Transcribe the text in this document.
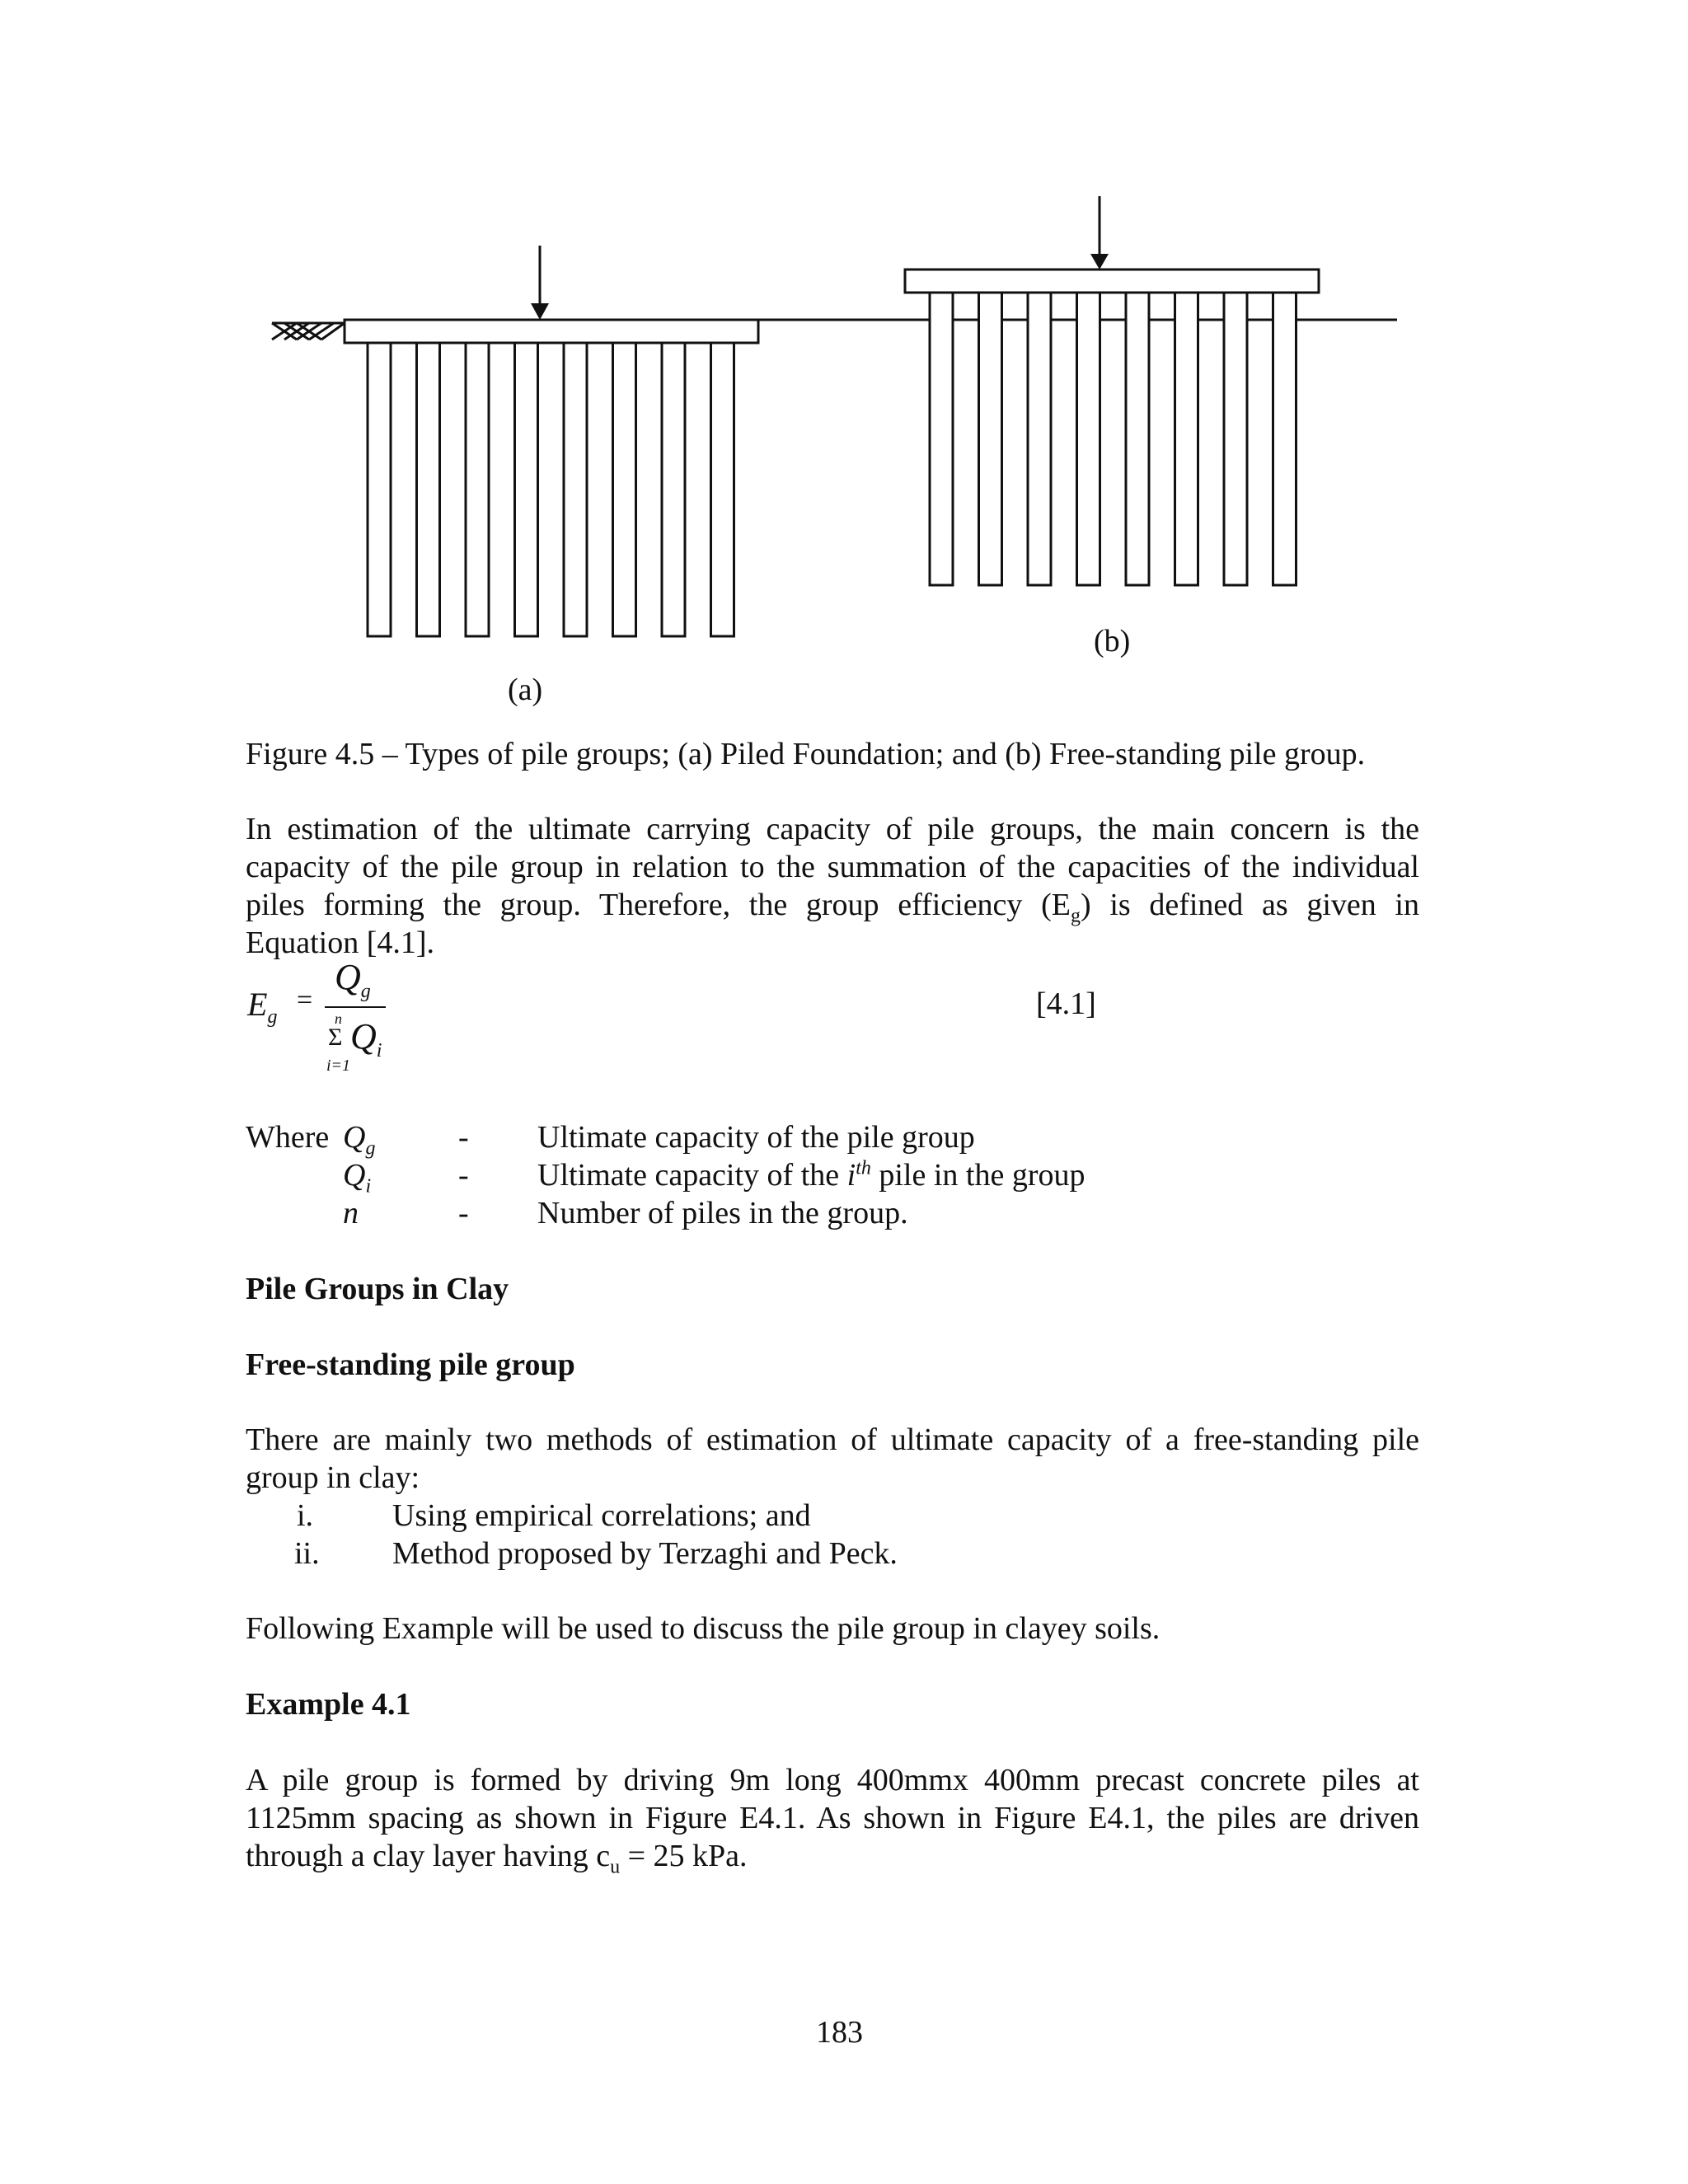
(a)
(b)
Figure 4.5 – Types of pile groups; (a) Piled Foundation; and (b) Free-standing pile group.
In estimation of the ultimate carrying capacity of pile groups, the main concern is the
capacity of the pile group in relation to the summation of the capacities of the individual
piles forming the group. Therefore, the group efficiency $(E_g)$ is defined as given in
Equation [4.1].
$E_g$
=
$Q_g$
n
Σ $Q_i$
i=1
[4.1]
Where $Q_g$	- Ultimate capacity of the pile group
$Q_i$	- Ultimate capacity of the $i^{th}$ pile in the group
n	- Number of piles in the group.
Pile Groups in Clay
Free-standing pile group
There are mainly two methods of estimation of ultimate capacity of a free-standing pile
group in clay:
i.	Using empirical correlations; and
ii. Method proposed by Terzaghi and Peck.
Following Example will be used to discuss the pile group in clayey soils.
Example 4.1
A pile group is formed by driving 9m long 400mmx 400mm precast concrete piles at
1125mm spacing as shown in Figure E4.1. As shown in Figure E4.1, the piles are driven
through a clay layer having $c_u = 25$ kPa.
183
